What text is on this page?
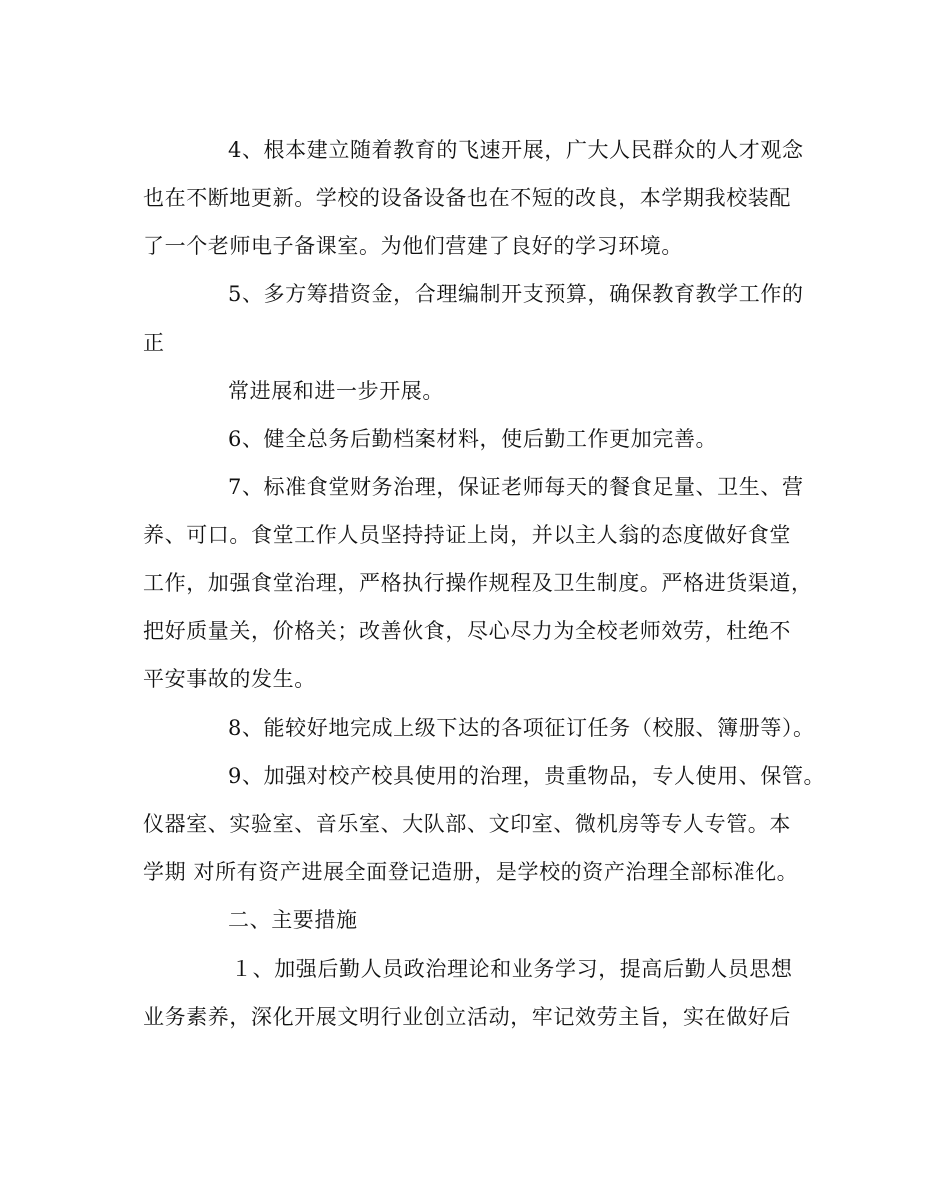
4、根本建立随着教育的飞速开展，广大人民群众的人才观念
也在不断地更新。学校的设备设备也在不短的改良，本学期我校装配
了一个老师电子备课室。为他们营建了良好的学习环境。
5、多方筹措资金，合理编制开支预算，确保教育教学工作的
正
常进展和进一步开展。
6、健全总务后勤档案材料，使后勤工作更加完善。
7、标准食堂财务治理，保证老师每天的餐食足量、卫生、营
养、可口。食堂工作人员坚持持证上岗，并以主人翁的态度做好食堂
工作，加强食堂治理，严格执行操作规程及卫生制度。严格进货渠道，
把好质量关，价格关；改善伙食，尽心尽力为全校老师效劳，杜绝不
平安事故的发生。
8、能较好地完成上级下达的各项征订任务（校服、簿册等）。
9、加强对校产校具使用的治理，贵重物品，专人使用、保管。
仪器室、实验室、音乐室、大队部、文印室、微机房等专人专管。本
学期 对所有资产进展全面登记造册，是学校的资产治理全部标准化。
二、主要措施
１、加强后勤人员政治理论和业务学习，提高后勤人员思想
业务素养，深化开展文明行业创立活动，牢记效劳主旨，实在做好后
